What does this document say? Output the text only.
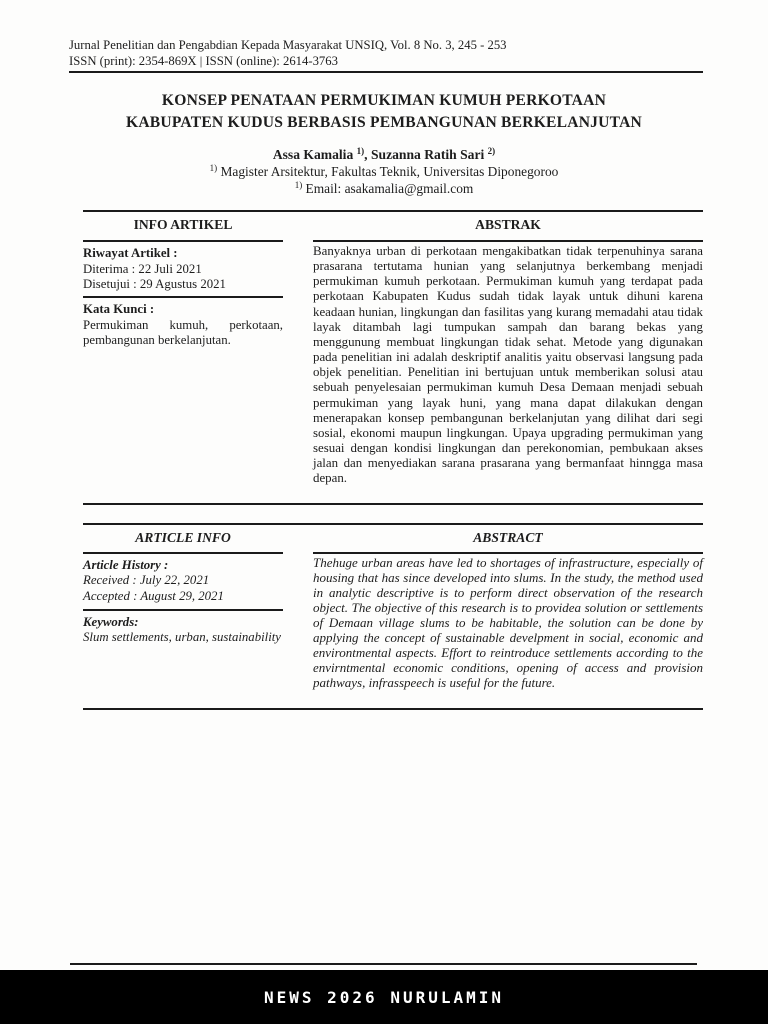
Jurnal Penelitian dan Pengabdian Kepada Masyarakat UNSIQ, Vol. 8 No. 3, 245 - 253
ISSN (print): 2354-869X | ISSN (online): 2614-3763
KONSEP PENATAAN PERMUKIMAN KUMUH PERKOTAAN
KABUPATEN KUDUS BERBASIS PEMBANGUNAN BERKELANJUTAN
Assa Kamalia $^{1)}$, Suzanna Ratih Sari $^{2)}$
$^{1)}$ Magister Arsitektur, Fakultas Teknik, Universitas Diponegoroo
$^{1)}$ Email: asakamalia@gmail.com
INFO ARTIKEL	ABSTRAK
Riwayat Artikel :
Diterima : 22 Juli 2021
Disetujui : 29 Agustus 2021
Kata Kunci :
Permukiman kumuh, perkotaan, pembangunan berkelanjutan.
Banyaknya urban di perkotaan mengakibatkan tidak terpenuhinya sarana prasarana tertutama hunian yang selanjutnya berkembang menjadi permukiman kumuh perkotaan. Permukiman kumuh yang terdapat pada perkotaan Kabupaten Kudus sudah tidak layak untuk dihuni karena keadaan hunian, lingkungan dan fasilitas yang kurang memadahi atau tidak layak ditambah lagi tumpukan sampah dan barang bekas yang menggunung membuat lingkungan tidak sehat. Metode yang digunakan pada penelitian ini adalah deskriptif analitis yaitu observasi langsung pada objek penelitian. Penelitian ini bertujuan untuk memberikan solusi atau sebuah penyelesaian permukiman kumuh Desa Demaan menjadi sebuah permukiman yang layak huni, yang mana dapat dilakukan dengan menerapakan konsep pembangunan berkelanjutan yang dilihat dari segi sosial, ekonomi maupun lingkungan. Upaya upgrading permukiman yang sesuai dengan kondisi lingkungan dan perekonomian, pembukaan akses jalan dan menyediakan sarana prasarana yang bermanfaat hinngga masa depan.
ARTICLE INFO	ABSTRACT
Article History :
Received : July 22, 2021
Accepted : August 29, 2021
Keywords:
Slum settlements, urban, sustainability
Thehuge urban areas have led to shortages of infrastructure, especially of housing that has since developed into slums. In the study, the method used in analytic descriptive is to perform direct observation of the research object. The objective of this research is to providea solution or settlements of Demaan village slums to be habitable, the solution can be done by applying the concept of sustainable develpment in social, economic and environtmental aspects. Effort to reintroduce settlements according to the envirntmental economic conditions, opening of access and provision pathways, infrasspeech is useful for the future.
NEWS 2026 NURULAMIN
